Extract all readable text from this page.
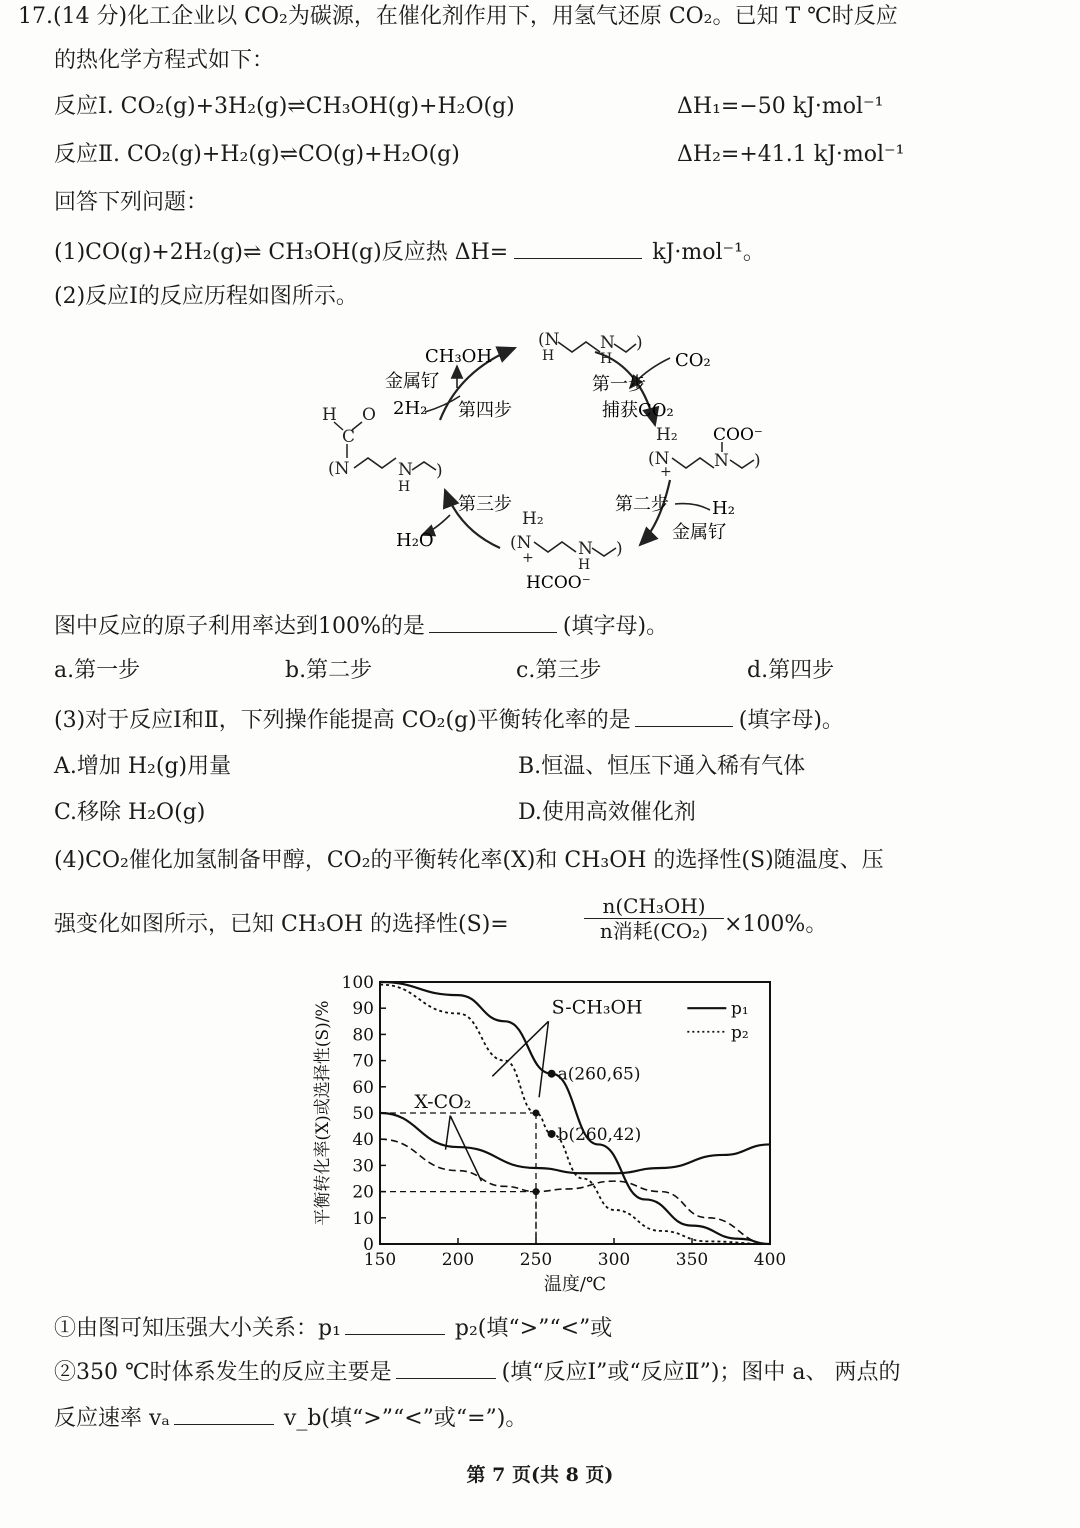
17.(14 分)化工企业以 CO₂为碳源，在催化剂作用下，用氢气还原 CO₂。已知 T ℃时反应
的热化学方程式如下：
反应Ⅰ. CO₂(g)+3H₂(g)⇌CH₃OH(g)+H₂O(g)	ΔH₁=−50 kJ·mol⁻¹
反应Ⅱ. CO₂(g)+H₂(g)⇌CO(g)+H₂O(g)	ΔH₂=+41.1 kJ·mol⁻¹
回答下列问题：
(1)CO(g)+2H₂(g)⇌ CH₃OH(g)反应热 ΔH=	kJ·mol⁻¹。
(2)反应Ⅰ的反应历程如图所示。
CH₃OH
金属钌
2H₂ 第四步
第一步
捕获CO₂
CO₂
第二步 H₂
金属钌
第三步
H₂O
COO⁻
HCOO⁻
(N
H
N
H
)
H O
C
(N	N
H
)
H₂
(N
+
N )
H₂
(N
+	N
H
)
图中反应的原子利用率达到100%的是	(填字母)。
a.第一步	b.第二步	c.第三步	d.第四步
(3)对于反应Ⅰ和Ⅱ，下列操作能提高 CO₂(g)平衡转化率的是	(填字母)。
A.增加 H₂(g)用量	B.恒温、恒压下通入稀有气体
C.移除 H₂O(g)	D.使用高效催化剂
(4)CO₂催化加氢制备甲醇，CO₂的平衡转化率(X)和 CH₃OH 的选择性(S)随温度、压
强变化如图所示，已知 CH₃OH 的选择性(S)=
n(CH₃OH)
n消耗(CO₂) ×100%。
0
10
20
30
40
50
60
70
80
90
100
150	200	250	300	350	400
温度/℃
平衡转化率(X)或选择性(S)/%	S-CH₃OH
X-CO₂
a(260,65)
b(260,42)
p₁
p₂
①由图可知压强大小关系：p₁	p₂(填“>”“<”或
②350 ℃时体系发生的反应主要是	(填“反应Ⅰ”或“反应Ⅱ”)；图中 a、 两点的
反应速率 vₐ	v_b(填“>”“<”或“=”)。
第 7 页(共 8 页)
